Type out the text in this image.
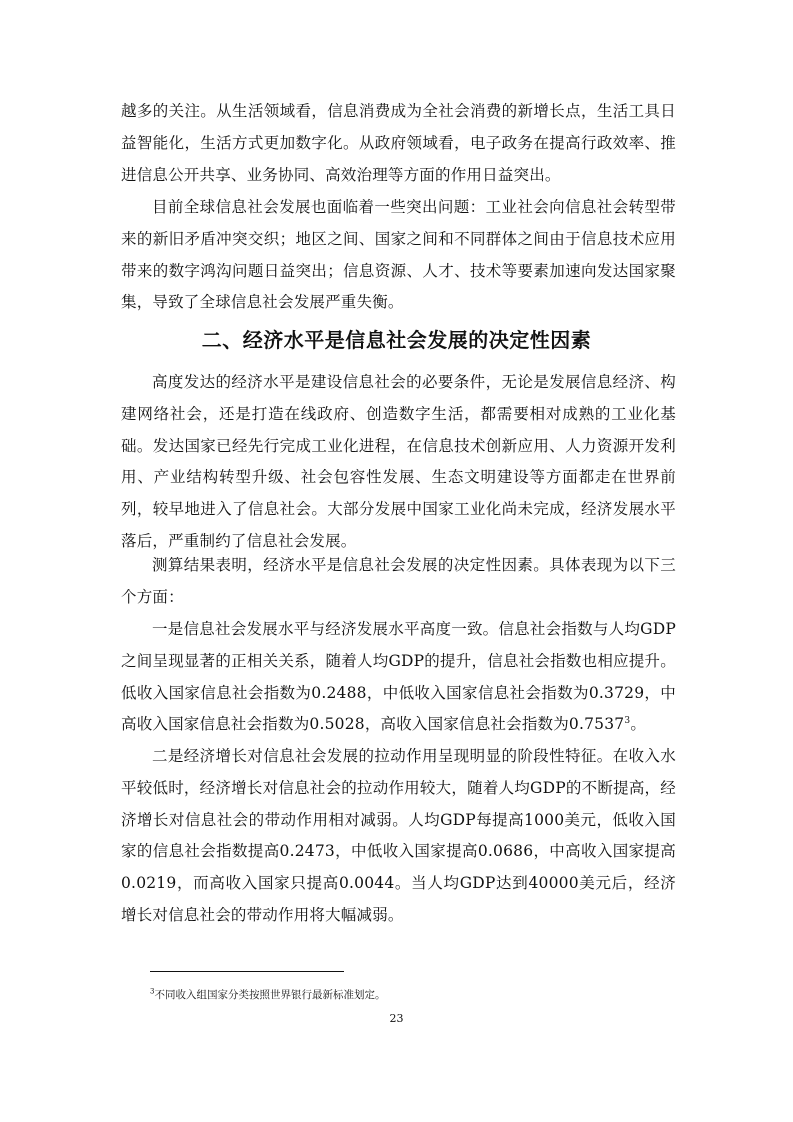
越多的关注。从生活领域看，信息消费成为全社会消费的新增长点，生活工具日益智能化，生活方式更加数字化。从政府领域看，电子政务在提高行政效率、推进信息公开共享、业务协同、高效治理等方面的作用日益突出。

目前全球信息社会发展也面临着一些突出问题：工业社会向信息社会转型带来的新旧矛盾冲突交织；地区之间、国家之间和不同群体之间由于信息技术应用带来的数字鸿沟问题日益突出；信息资源、人才、技术等要素加速向发达国家聚集，导致了全球信息社会发展严重失衡。

二、经济水平是信息社会发展的决定性因素

高度发达的经济水平是建设信息社会的必要条件，无论是发展信息经济、构建网络社会，还是打造在线政府、创造数字生活，都需要相对成熟的工业化基础。发达国家已经先行完成工业化进程，在信息技术创新应用、人力资源开发利用、产业结构转型升级、社会包容性发展、生态文明建设等方面都走在世界前列，较早地进入了信息社会。大部分发展中国家工业化尚未完成，经济发展水平落后，严重制约了信息社会发展。

测算结果表明，经济水平是信息社会发展的决定性因素。具体表现为以下三个方面：

一是信息社会发展水平与经济发展水平高度一致。信息社会指数与人均GDP之间呈现显著的正相关关系，随着人均GDP的提升，信息社会指数也相应提升。低收入国家信息社会指数为0.2488，中低收入国家信息社会指数为0.3729，中高收入国家信息社会指数为0.5028，高收入国家信息社会指数为0.7537$^3$。

二是经济增长对信息社会发展的拉动作用呈现明显的阶段性特征。在收入水平较低时，经济增长对信息社会的拉动作用较大，随着人均GDP的不断提高，经济增长对信息社会的带动作用相对减弱。人均GDP每提高1000美元，低收入国家的信息社会指数提高0.2473，中低收入国家提高0.0686，中高收入国家提高0.0219，而高收入国家只提高0.0044。当人均GDP达到40000美元后，经济增长对信息社会的带动作用将大幅减弱。

$^3$不同收入组国家分类按照世界银行最新标准划定。

23
